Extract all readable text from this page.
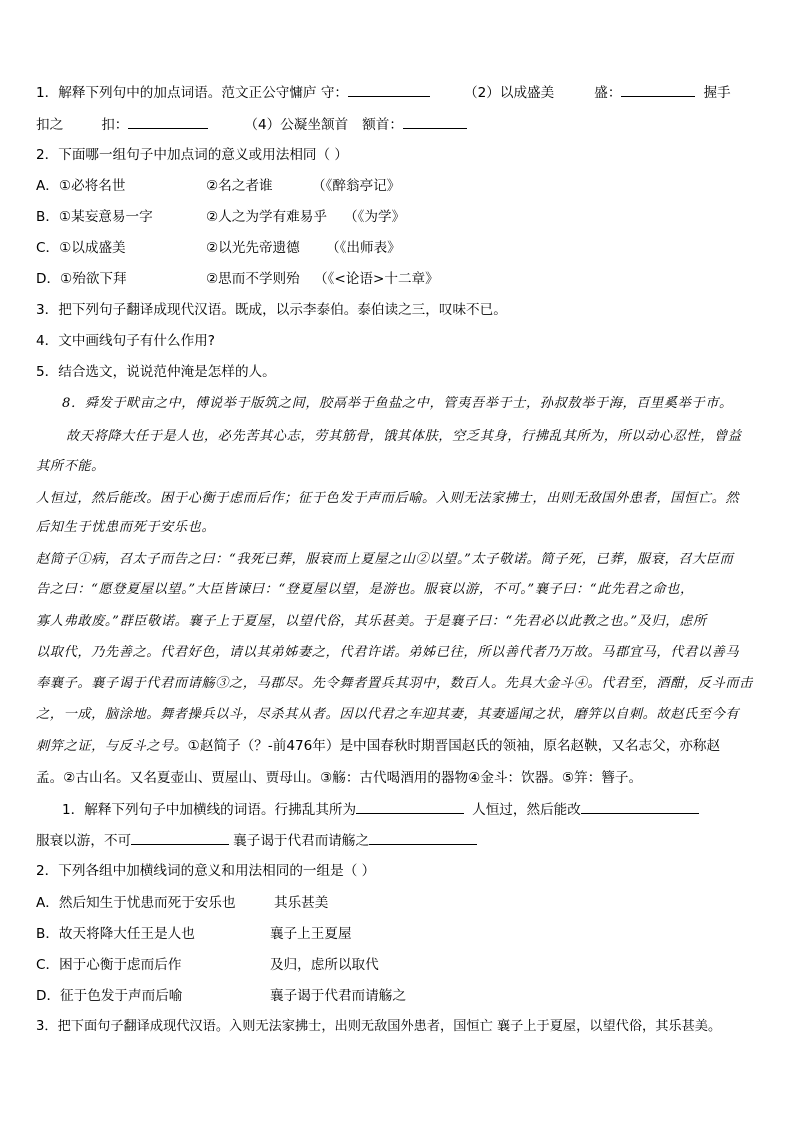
1．解释下列句中的加点词语。范文正公守慵庐 守：	（2）以成盛美	盛：	握手
扣之	扣：	（4）公凝坐颔首 额首：
2．下面哪一组句子中加点词的意义或用法相同（ ）
A．①必将名世	②名之者谁	（《醉翁亭记》
B．①某妄意易一字	②人之为学有难易乎 （《为学》
C．①以成盛美	②以光先帝遗德 （《出师表》
D．①殆欲下拜	②思而不学则殆 （《<论语>十二章》
3．把下列句子翻译成现代汉语。既成，以示李泰伯。泰伯读之三，叹味不已。
4．文中画线句子有什么作用?
5．结合选文，说说范仲淹是怎样的人。
8．舜发于畎亩之中，傅说举于版筑之间，胶鬲举于鱼盐之中，管夷吾举于士，孙叔敖举于海，百里奚举于市。
故天将降大任于是人也，必先苦其心志，劳其筋骨，饿其体肤，空乏其身，行拂乱其所为，所以动心忍性，曾益
其所不能。
人恒过，然后能改。困于心衡于虑而后作；征于色发于声而后喻。入则无法家拂士，出则无敌国外患者，国恒亡。然
后知生于忧患而死于安乐也。
赵简子①病，召太子而告之曰：“我死已葬，服衰而上夏屋之山②以望。”太子敬诺。简子死，已葬，服衰，召大臣而
告之曰：“愿登夏屋以望。”大臣皆谏曰：“登夏屋以望，是游也。服衰以游，不可。”襄子曰：“此先君之命也，
寡人弗敢废。”群臣敬诺。襄子上于夏屋，以望代俗，其乐甚美。于是襄子曰：“先君必以此教之也。”及归，虑所
以取代，乃先善之。代君好色，请以其弟姊妻之，代君许诺。弟姊已往，所以善代者乃万故。马郡宜马，代君以善马
奉襄子。襄子谒于代君而请觞③之，马郡尽。先令舞者置兵其羽中，数百人。先具大金斗④。代君至，酒酣，反斗而击
之，一成，脑涂地。舞者操兵以斗，尽杀其从者。因以代君之车迎其妻，其妻遥闻之状，磨笄以自刺。故赵氏至今有
刺笄之证，与反斗之号。①赵简子（？-前476年）是中国春秋时期晋国赵氏的领袖，原名赵鞅，又名志父，亦称赵
孟。②古山名。又名夏壶山、贾屋山、贾母山。③觞：古代喝酒用的器物④金斗：饮器。⑤笄：簪子。
1．解释下列句子中加横线的词语。行拂乱其所为	人恒过，然后能改
服衰以游，不可	襄子谒于代君而请觞之
2．下列各组中加横线词的意义和用法相同的一组是（ ）
A．然后知生于忧患而死于安乐也	其乐甚美
B．故天将降大任王是人也	襄子上王夏屋
C．困于心衡于虑而后作	及归，虑所以取代
D．征于色发于声而后喻	襄子谒于代君而请觞之
3．把下面句子翻译成现代汉语。入则无法家拂士，出则无敌国外患者，国恒亡 襄子上于夏屋，以望代俗，其乐甚美。
